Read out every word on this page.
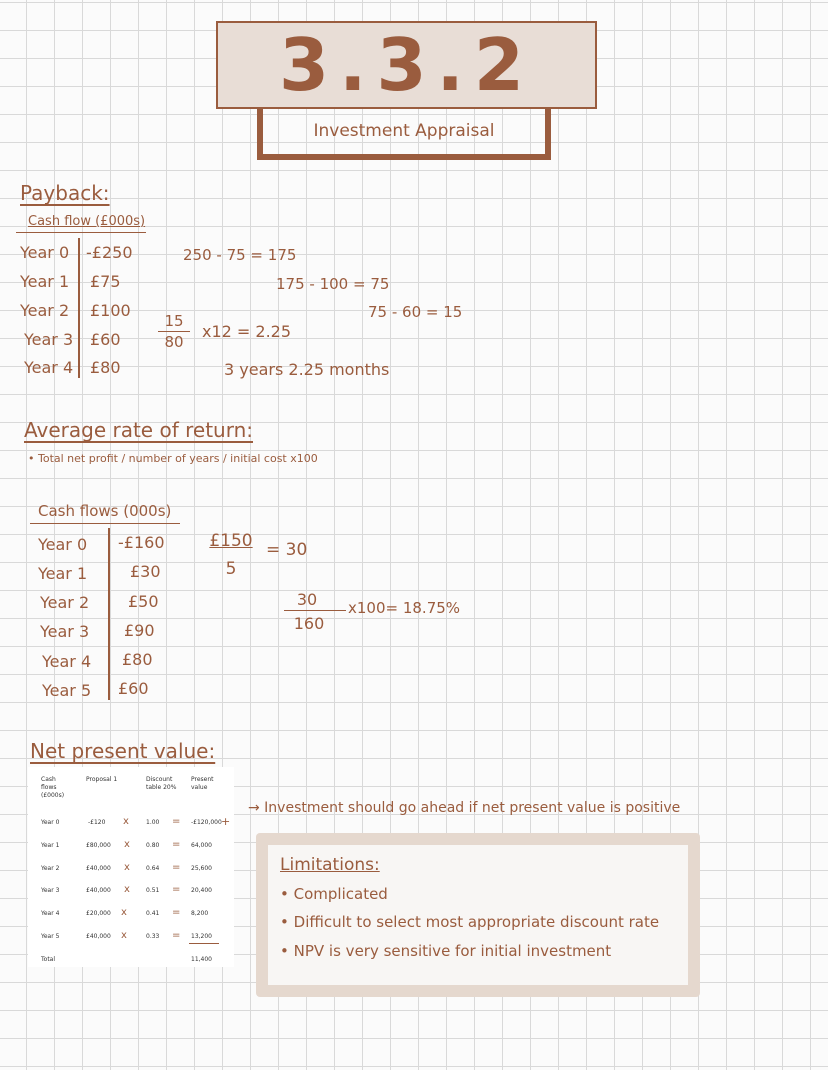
3.3.2
Investment Appraisal
Payback:
Cash flow (£000s)
Year 0 -£250
Year 1 £75
Year 2 £100
Year 3 £60
Year 4 £80
250 - 75 = 175
175 - 100 = 75
75 - 60 = 15
15
80
x12 = 2.25
3 years 2.25 months
Average rate of return:
• Total net profit / number of years / initial cost x100
Cash flows (000s)
Year 0 -£160
Year 1	£30
Year 2 £50
Year 3 £90
Year 4 £80
Year 5 £60
£150
5
= 30
30
160
x100= 18.75%
Net present value:
Cash flows (£000s)
Proposal 1	Discount table 20%
Present value
Year 0	-£120 x	1.00 = -£120,000 +
Year 1	£80,000 x	0.80 = 64,000
Year 2	£40,000 x	0.64 = 25,600
Year 3	£40,000 x	0.51 = 20,400
Year 4	£20,000 x	0.41 = 8,200
Year 5	£40,000 x	0.33 = 13,200
Total	11,400
→ Investment should go ahead if net present value is positive
Limitations:
• Complicated
• Difficult to select most appropriate discount rate
• NPV is very sensitive for initial investment
